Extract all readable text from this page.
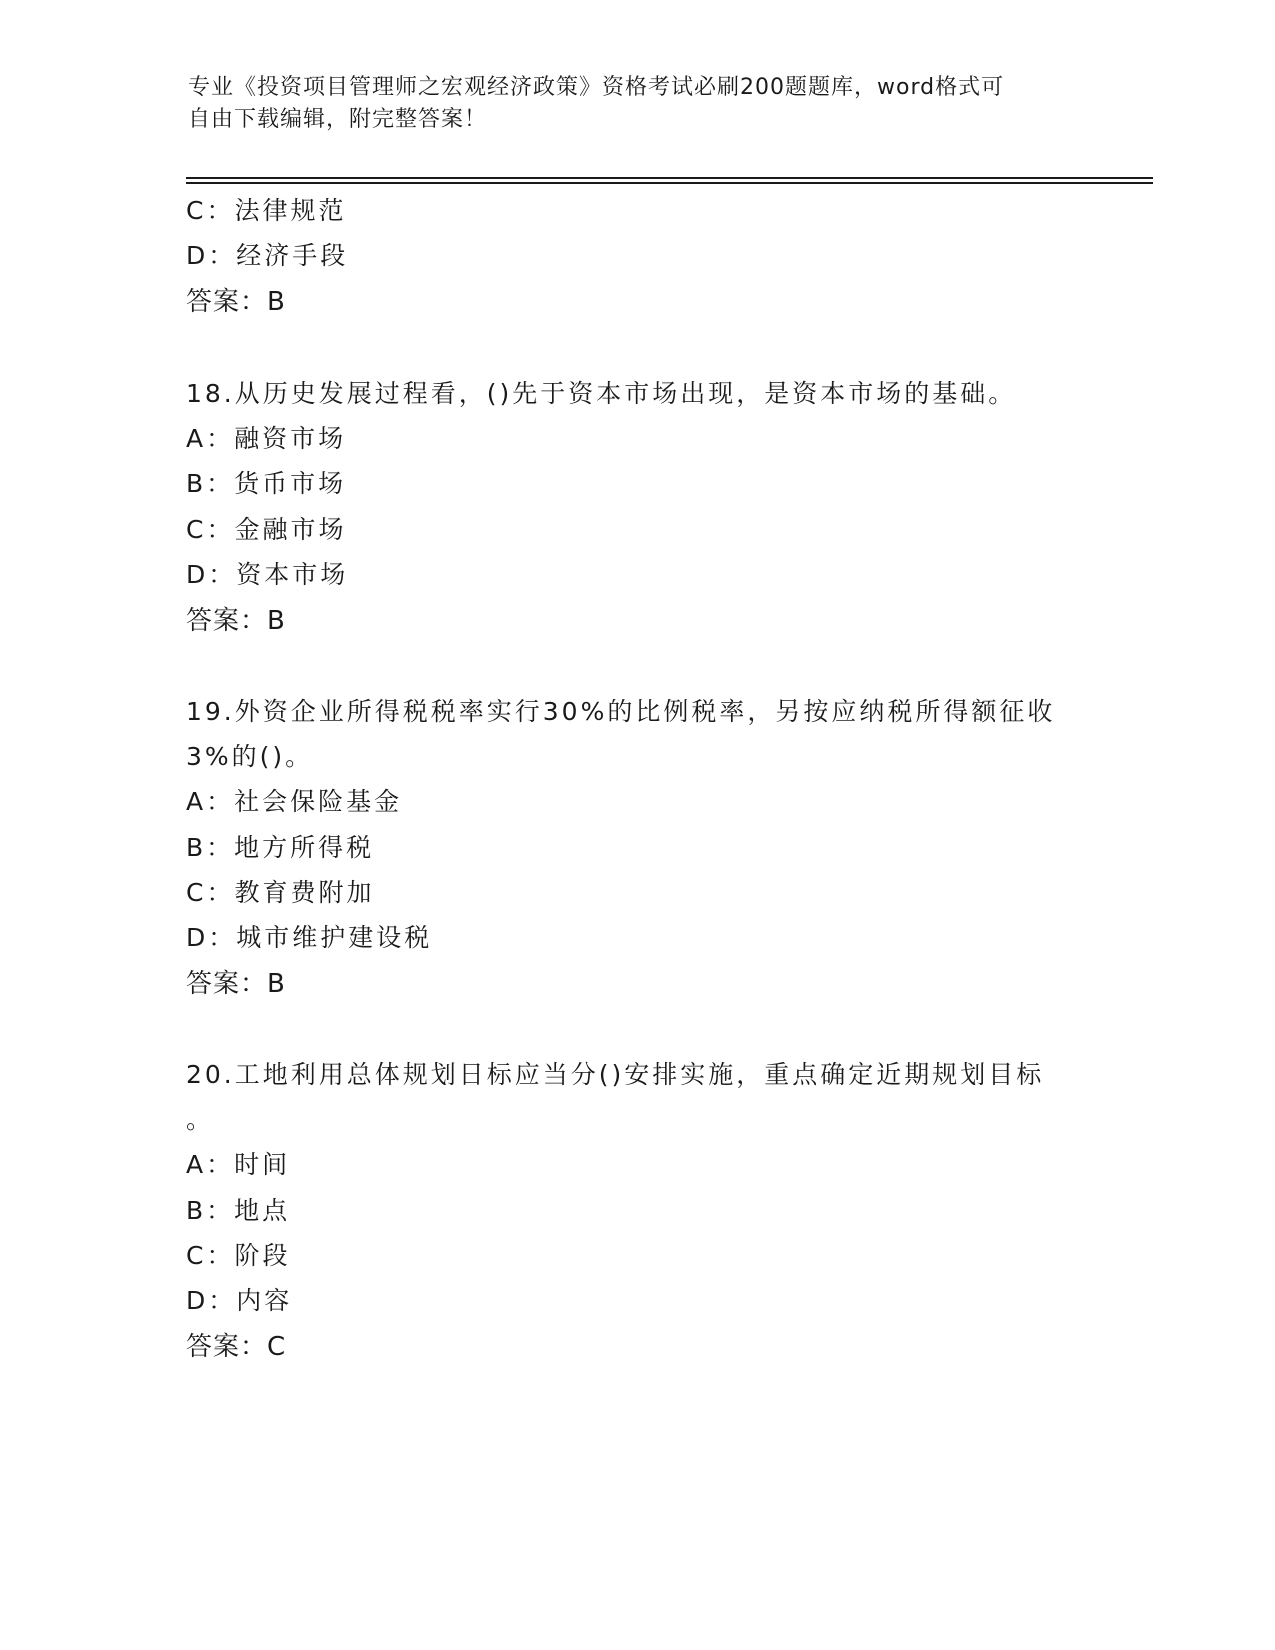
专业《投资项目管理师之宏观经济政策》资格考试必刷200题题库，word格式可
自由下载编辑，附完整答案！
C：法律规范
D：经济手段
答案：B
18.从历史发展过程看，()先于资本市场出现，是资本市场的基础。
A：融资市场
B：货币市场
C：金融市场
D：资本市场
答案：B
19.外资企业所得税税率实行30%的比例税率，另按应纳税所得额征收
3%的()。
A：社会保险基金
B：地方所得税
C：教育费附加
D：城市维护建设税
答案：B
20.工地利用总体规划日标应当分()安排实施，重点确定近期规划目标
。
A：时间
B：地点
C：阶段
D：内容
答案：C
